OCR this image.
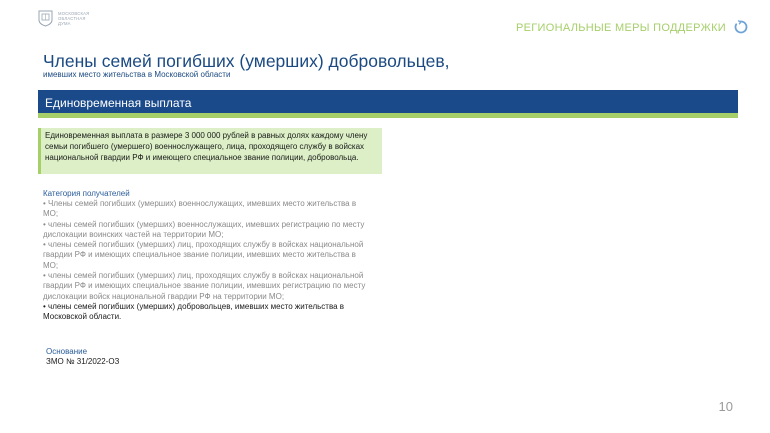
МОСКОВСКАЯ
ОБЛАСТНАЯ
ДУМА	РЕГИОНАЛЬНЫЕ МЕРЫ ПОДДЕРЖКИ
Члены семей погибших (умерших) добровольцев,
имевших место жительства в Московской области
Единовременная выплата
Единовременная выплата в размере 3 000 000 рублей в равных долях каждому члену семьи погибшего (умершего) военнослужащего, лица, проходящего службу в войсках национальной гвардии РФ и имеющего специальное звание полиции, добровольца.
Категория получателей
• Члены семей погибших (умерших) военнослужащих, имевших место жительства в МО;
• члены семей погибших (умерших) военнослужащих, имевших регистрацию по месту дислокации воинских частей на территории МО;
• члены семей погибших (умерших) лиц, проходящих службу в войсках национальной гвардии РФ и имеющих специальное звание полиции, имевших место жительства в МО;
• члены семей погибших (умерших) лиц, проходящих службу в войсках национальной гвардии РФ и имеющих специальное звание полиции, имевших регистрацию по месту дислокации войск национальной гвардии РФ на территории МО;
• члены семей погибших (умерших) добровольцев, имевших место жительства в Московской области.
Основание
ЗМО № 31/2022-ОЗ
10
